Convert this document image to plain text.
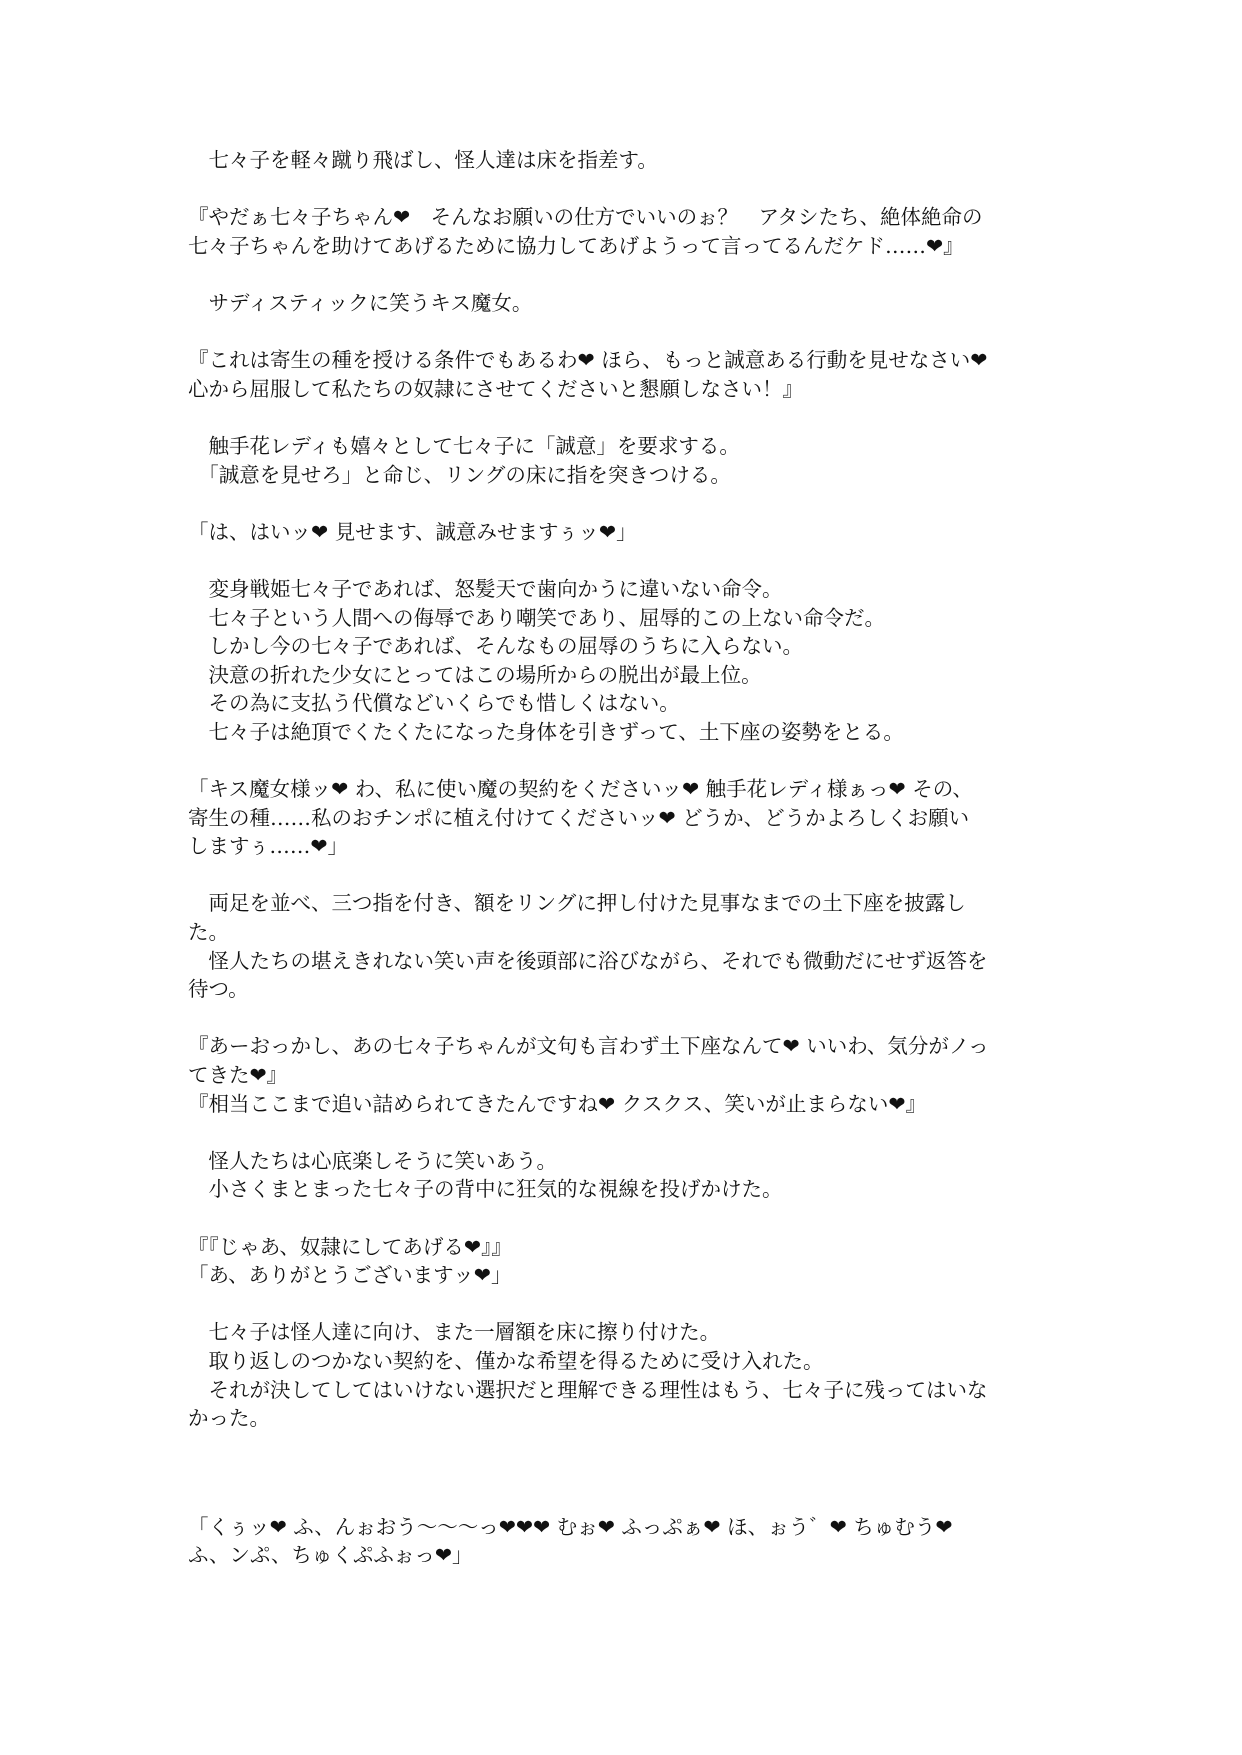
　七々子を軽々蹴り飛ばし、怪人達は床を指差す。
『やだぁ七々子ちゃん❤　そんなお願いの仕方でいいのぉ？　アタシたち、絶体絶命の
七々子ちゃんを助けてあげるために協力してあげようって言ってるんだケド……❤』
　サディスティックに笑うキス魔女。
『これは寄生の種を授ける条件でもあるわ❤ ほら、もっと誠意ある行動を見せなさい❤
心から屈服して私たちの奴隷にさせてくださいと懇願しなさい！』
　触手花レディも嬉々として七々子に「誠意」を要求する。
　「誠意を見せろ」と命じ、リングの床に指を突きつける。
「は、はいッ❤ 見せます、誠意みせますぅッ❤」
　変身戦姫七々子であれば、怒髪天で歯向かうに違いない命令。
　七々子という人間への侮辱であり嘲笑であり、屈辱的この上ない命令だ。
　しかし今の七々子であれば、そんなもの屈辱のうちに入らない。
　決意の折れた少女にとってはこの場所からの脱出が最上位。
　その為に支払う代償などいくらでも惜しくはない。
　七々子は絶頂でくたくたになった身体を引きずって、土下座の姿勢をとる。
「キス魔女様ッ❤ わ、私に使い魔の契約をくださいッ❤ 触手花レディ様ぁっ❤ その、
寄生の種……私のおチンポに植え付けてくださいッ❤ どうか、どうかよろしくお願い
しますぅ……❤」
　両足を並べ、三つ指を付き、額をリングに押し付けた見事なまでの土下座を披露し
た。
　怪人たちの堪えきれない笑い声を後頭部に浴びながら、それでも微動だにせず返答を
待つ。
『あーおっかし、あの七々子ちゃんが文句も言わず土下座なんて❤ いいわ、気分がノっ
てきた❤』
『相当ここまで追い詰められてきたんですね❤ クスクス、笑いが止まらない❤』
　怪人たちは心底楽しそうに笑いあう。
　小さくまとまった七々子の背中に狂気的な視線を投げかけた。
『『じゃあ、奴隷にしてあげる❤』』
「あ、ありがとうございますッ❤」
　七々子は怪人達に向け、また一層額を床に擦り付けた。
　取り返しのつかない契約を、僅かな希望を得るために受け入れた。
　それが決してしてはいけない選択だと理解できる理性はもう、七々子に残ってはいな
かった。
「くぅッ❤ ふ、んぉおう〜〜〜っ❤❤❤ むぉ❤ ふっぷぁ❤ ほ、ぉう゛❤ ちゅむう❤
ふ、ンぷ、ちゅくぷふぉっ❤」
